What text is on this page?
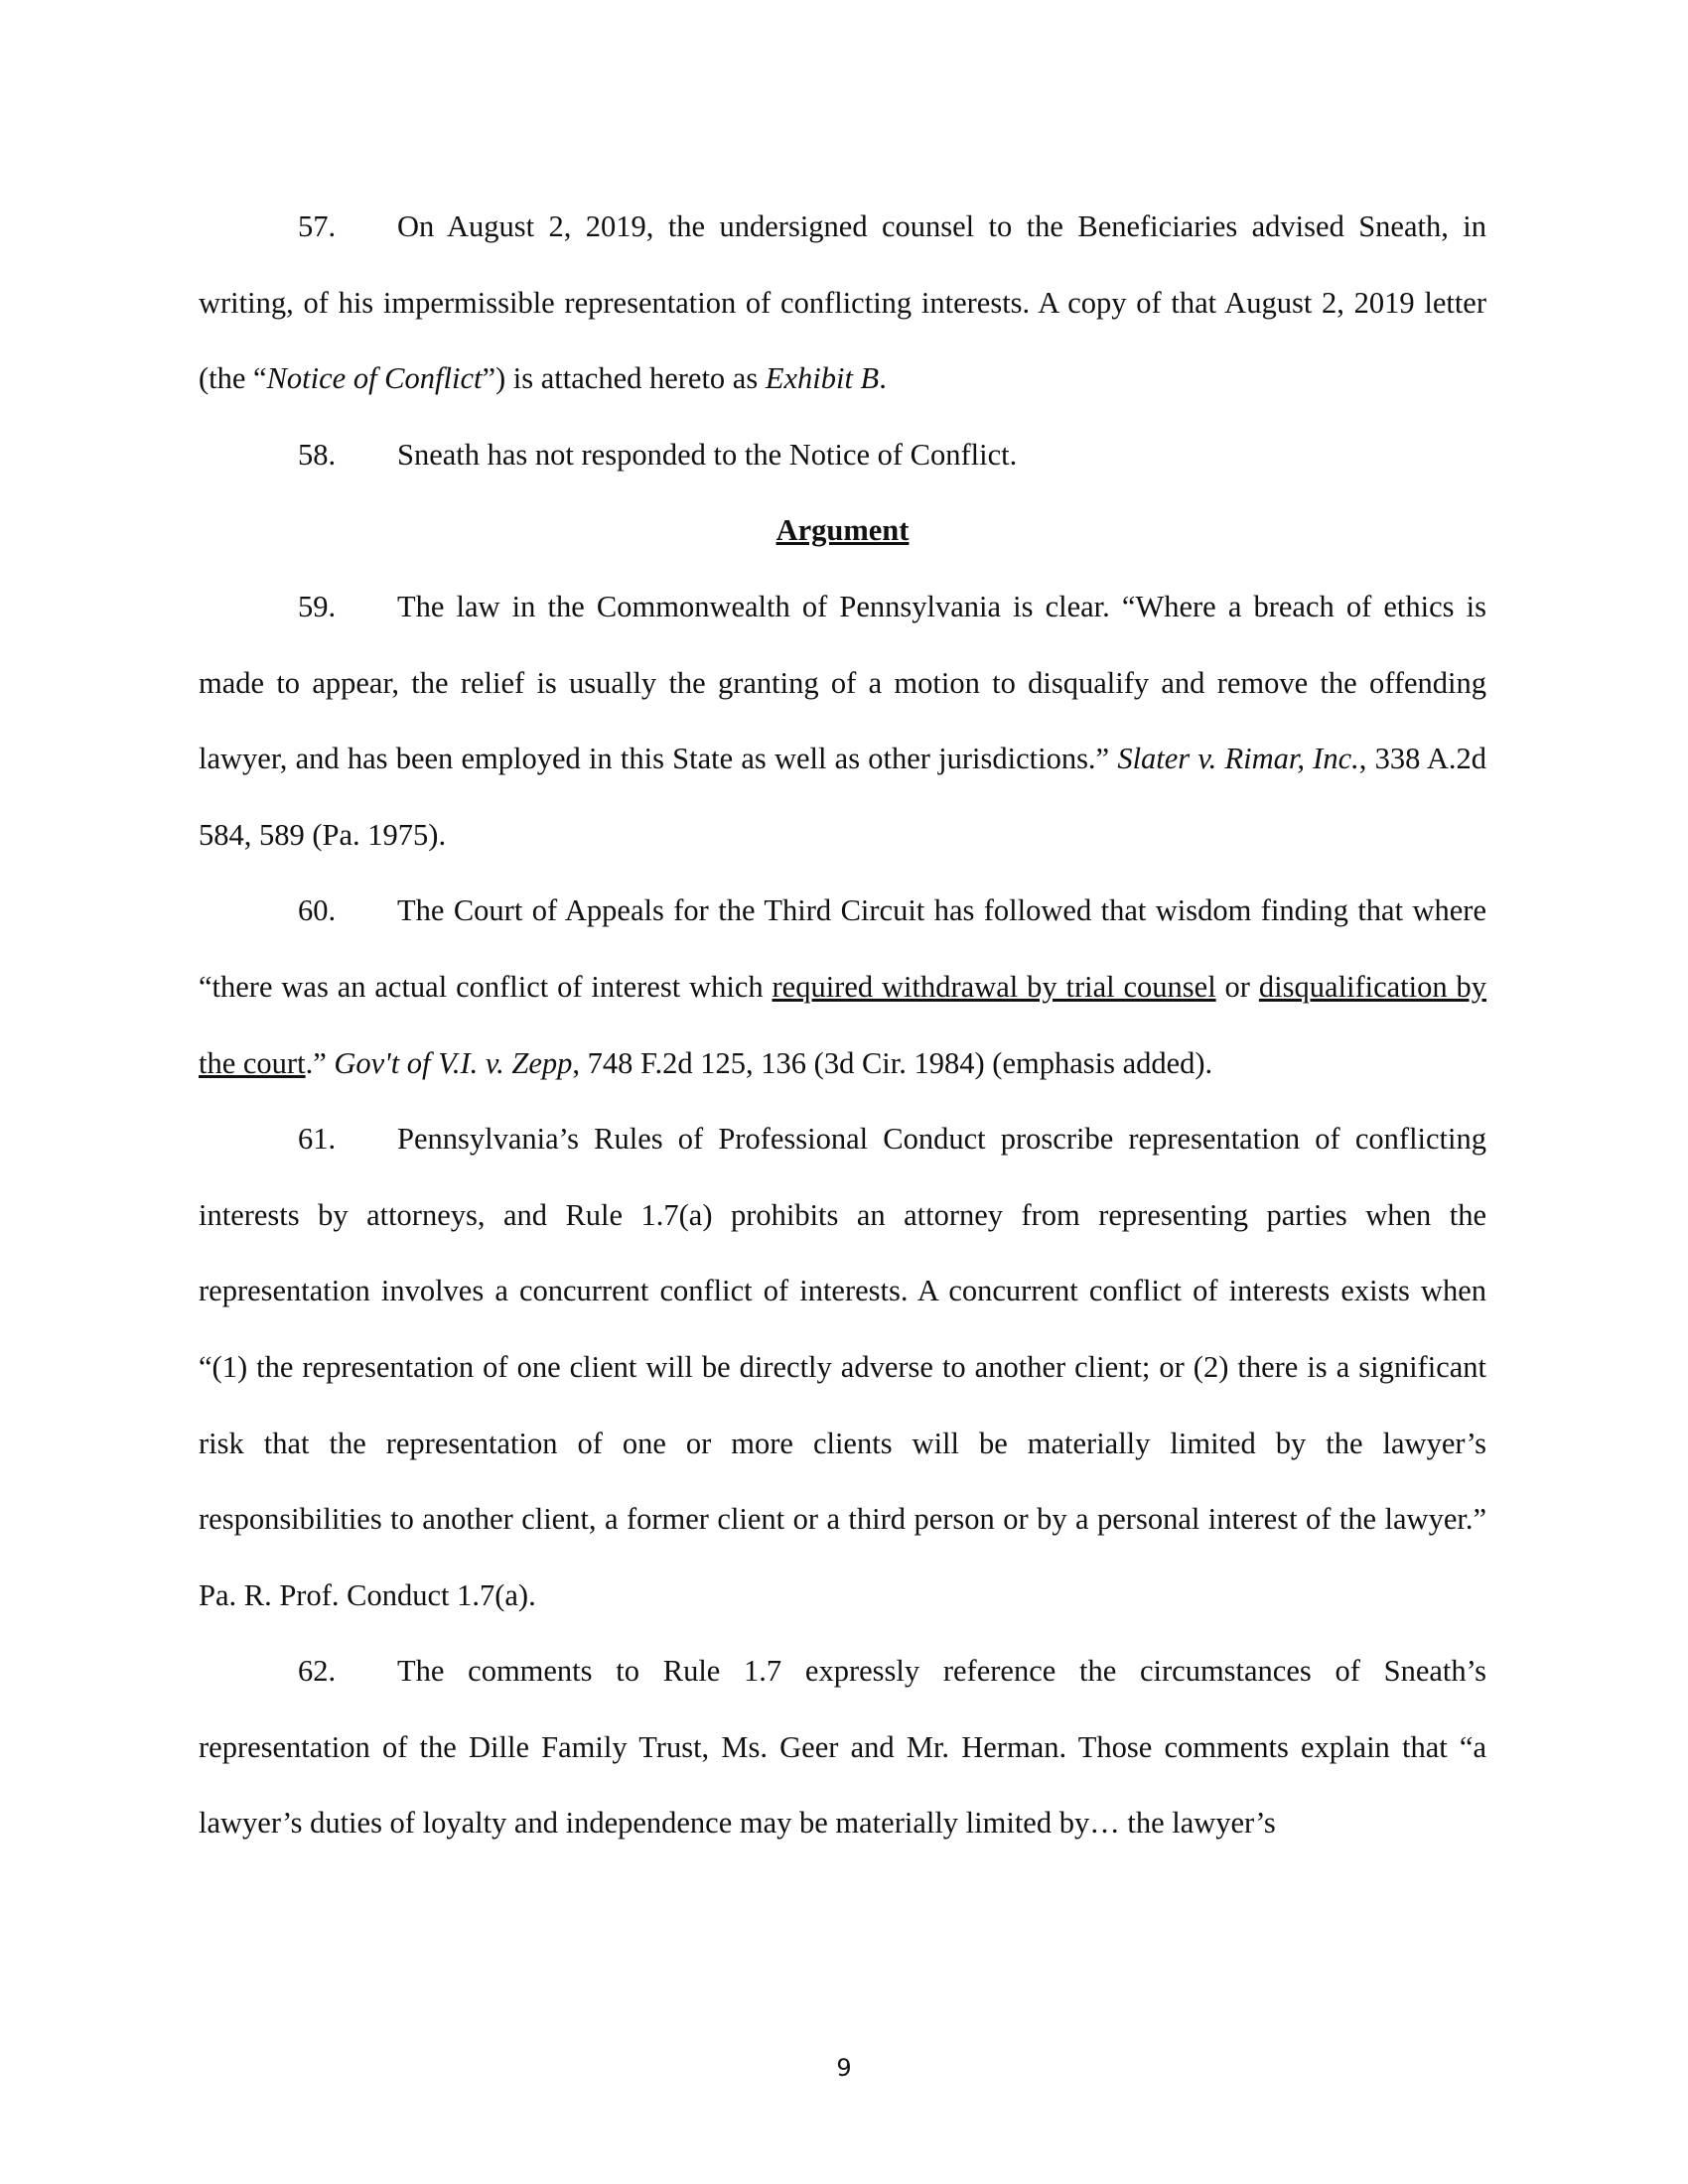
57. On August 2, 2019, the undersigned counsel to the Beneficiaries advised Sneath, in writing, of his impermissible representation of conflicting interests. A copy of that August 2, 2019 letter (the “Notice of Conflict”) is attached hereto as Exhibit B.

58. Sneath has not responded to the Notice of Conflict.

Argument

59. The law in the Commonwealth of Pennsylvania is clear. “Where a breach of ethics is made to appear, the relief is usually the granting of a motion to disqualify and remove the offending lawyer, and has been employed in this State as well as other jurisdictions.” Slater v. Rimar, Inc., 338 A.2d 584, 589 (Pa. 1975).

60. The Court of Appeals for the Third Circuit has followed that wisdom finding that where “there was an actual conflict of interest which required withdrawal by trial counsel or disqualification by the court.” Gov't of V.I. v. Zepp, 748 F.2d 125, 136 (3d Cir. 1984) (emphasis added).

61. Pennsylvania’s Rules of Professional Conduct proscribe representation of conflicting interests by attorneys, and Rule 1.7(a) prohibits an attorney from representing parties when the representation involves a concurrent conflict of interests. A concurrent conflict of interests exists when “(1) the representation of one client will be directly adverse to another client; or (2) there is a significant risk that the representation of one or more clients will be materially limited by the lawyer’s responsibilities to another client, a former client or a third person or by a personal interest of the lawyer.” Pa. R. Prof. Conduct 1.7(a).

62. The comments to Rule 1.7 expressly reference the circumstances of Sneath’s representation of the Dille Family Trust, Ms. Geer and Mr. Herman. Those comments explain that “a lawyer’s duties of loyalty and independence may be materially limited by… the lawyer’s

9
